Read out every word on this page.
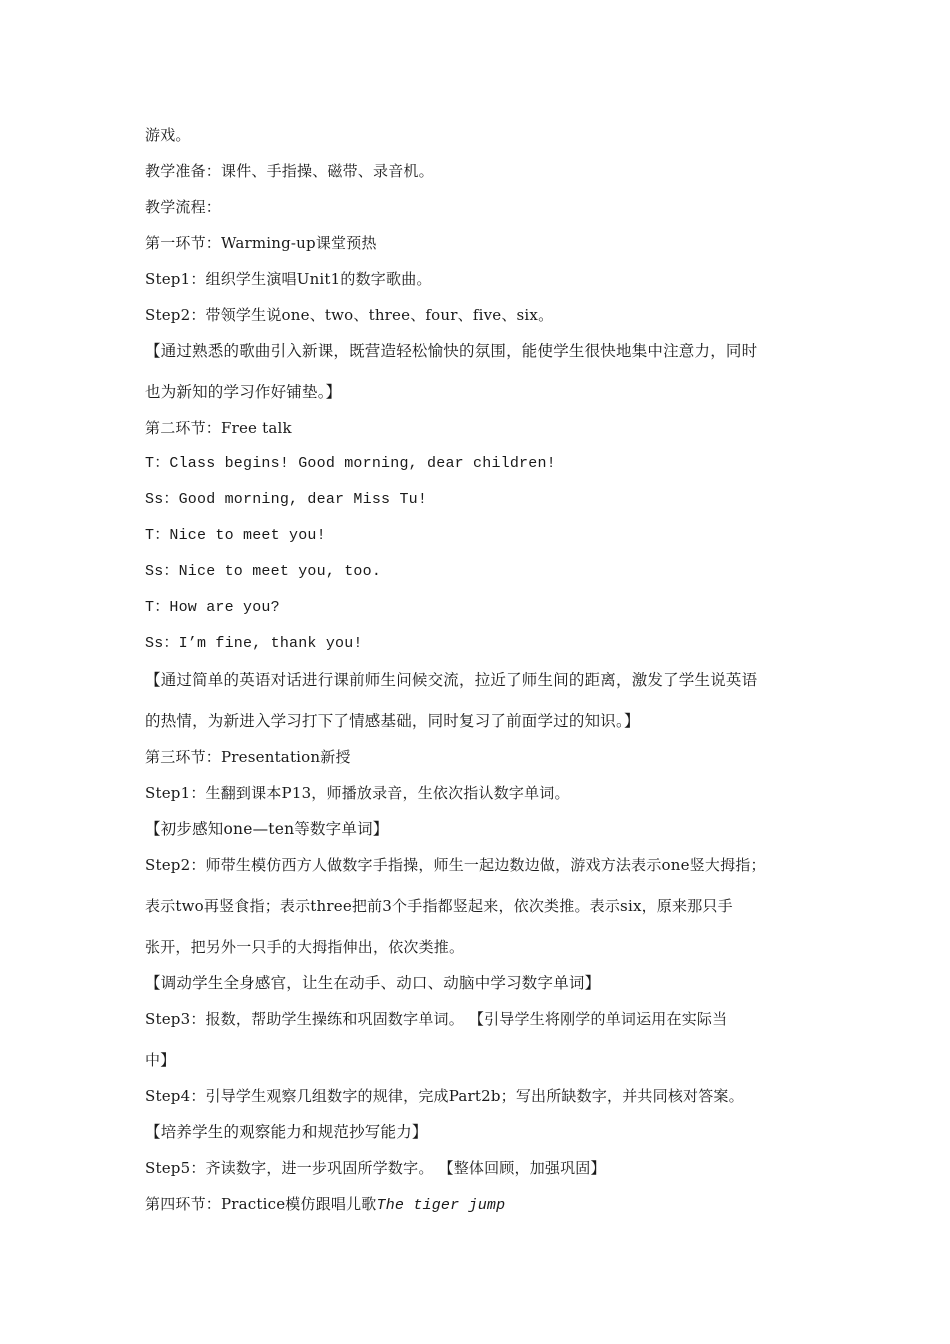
游戏。
教学准备：课件、手指操、磁带、录音机。
教学流程：
第一环节：Warming-up课堂预热
Step1：组织学生演唱Unit1的数字歌曲。
Step2：带领学生说one、two、three、four、five、six。
【通过熟悉的歌曲引入新课，既营造轻松愉快的氛围，能使学生很快地集中注意力，同时
也为新知的学习作好铺垫。】
第二环节：Free talk
T：Class begins! Good morning, dear children!
Ss：Good morning, dear Miss Tu!
T：Nice to meet you!
Ss：Nice to meet you, too.
T：How are you?
Ss：I’m fine, thank you!
【通过简单的英语对话进行课前师生问候交流，拉近了师生间的距离，激发了学生说英语
的热情，为新进入学习打下了情感基础，同时复习了前面学过的知识。】
第三环节：Presentation新授
Step1：生翻到课本P13，师播放录音，生依次指认数字单词。
【初步感知one—ten等数字单词】
Step2：师带生模仿西方人做数字手指操，师生一起边数边做，游戏方法表示one竖大拇指；
表示two再竖食指；表示three把前3个手指都竖起来，依次类推。表示six，原来那只手
张开，把另外一只手的大拇指伸出，依次类推。
【调动学生全身感官，让生在动手、动口、动脑中学习数字单词】
Step3：报数，帮助学生操练和巩固数字单词。 【引导学生将刚学的单词运用在实际当
中】
Step4：引导学生观察几组数字的规律，完成Part2b；写出所缺数字，并共同核对答案。
【培养学生的观察能力和规范抄写能力】
Step5：齐读数字，进一步巩固所学数字。 【整体回顾，加强巩固】
第四环节：Practice模仿跟唱儿歌The tiger jump
